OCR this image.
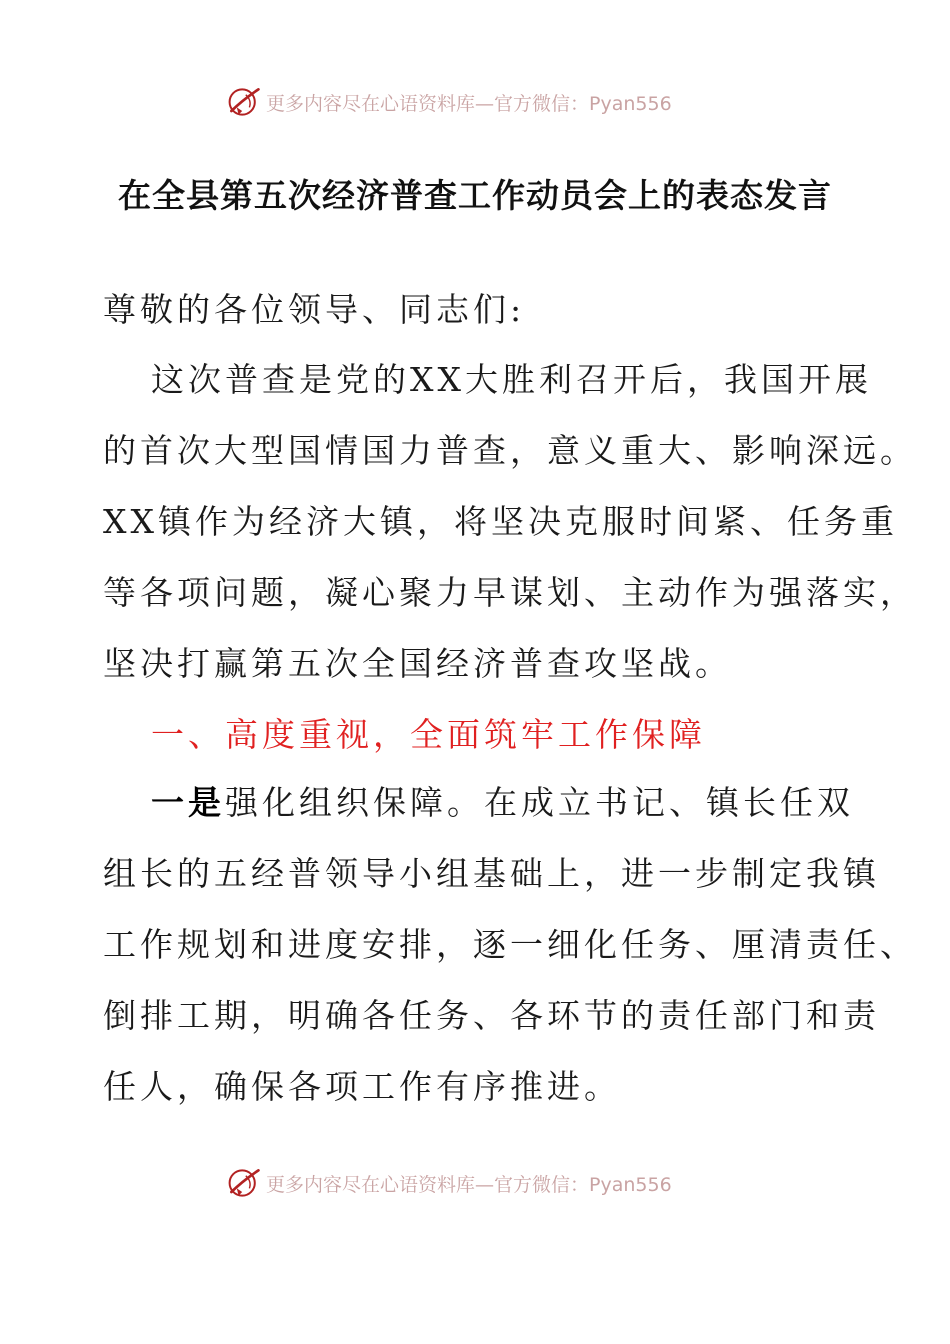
更多内容尽在心语资料库—官方微信：Pyan556
在全县第五次经济普查工作动员会上的表态发言
尊敬的各位领导、同志们:
这次普查是党的XX大胜利召开后，我国开展
的首次大型国情国力普查，意义重大、影响深远。
XX镇作为经济大镇，将坚决克服时间紧、任务重
等各项问题，凝心聚力早谋划、主动作为强落实，
坚决打赢第五次全国经济普查攻坚战。
一、高度重视，全面筑牢工作保障
一是强化组织保障。在成立书记、镇长任双
组长的五经普领导小组基础上，进一步制定我镇
工作规划和进度安排，逐一细化任务、厘清责任、
倒排工期，明确各任务、各环节的责任部门和责
任人，确保各项工作有序推进。
更多内容尽在心语资料库—官方微信：Pyan556
